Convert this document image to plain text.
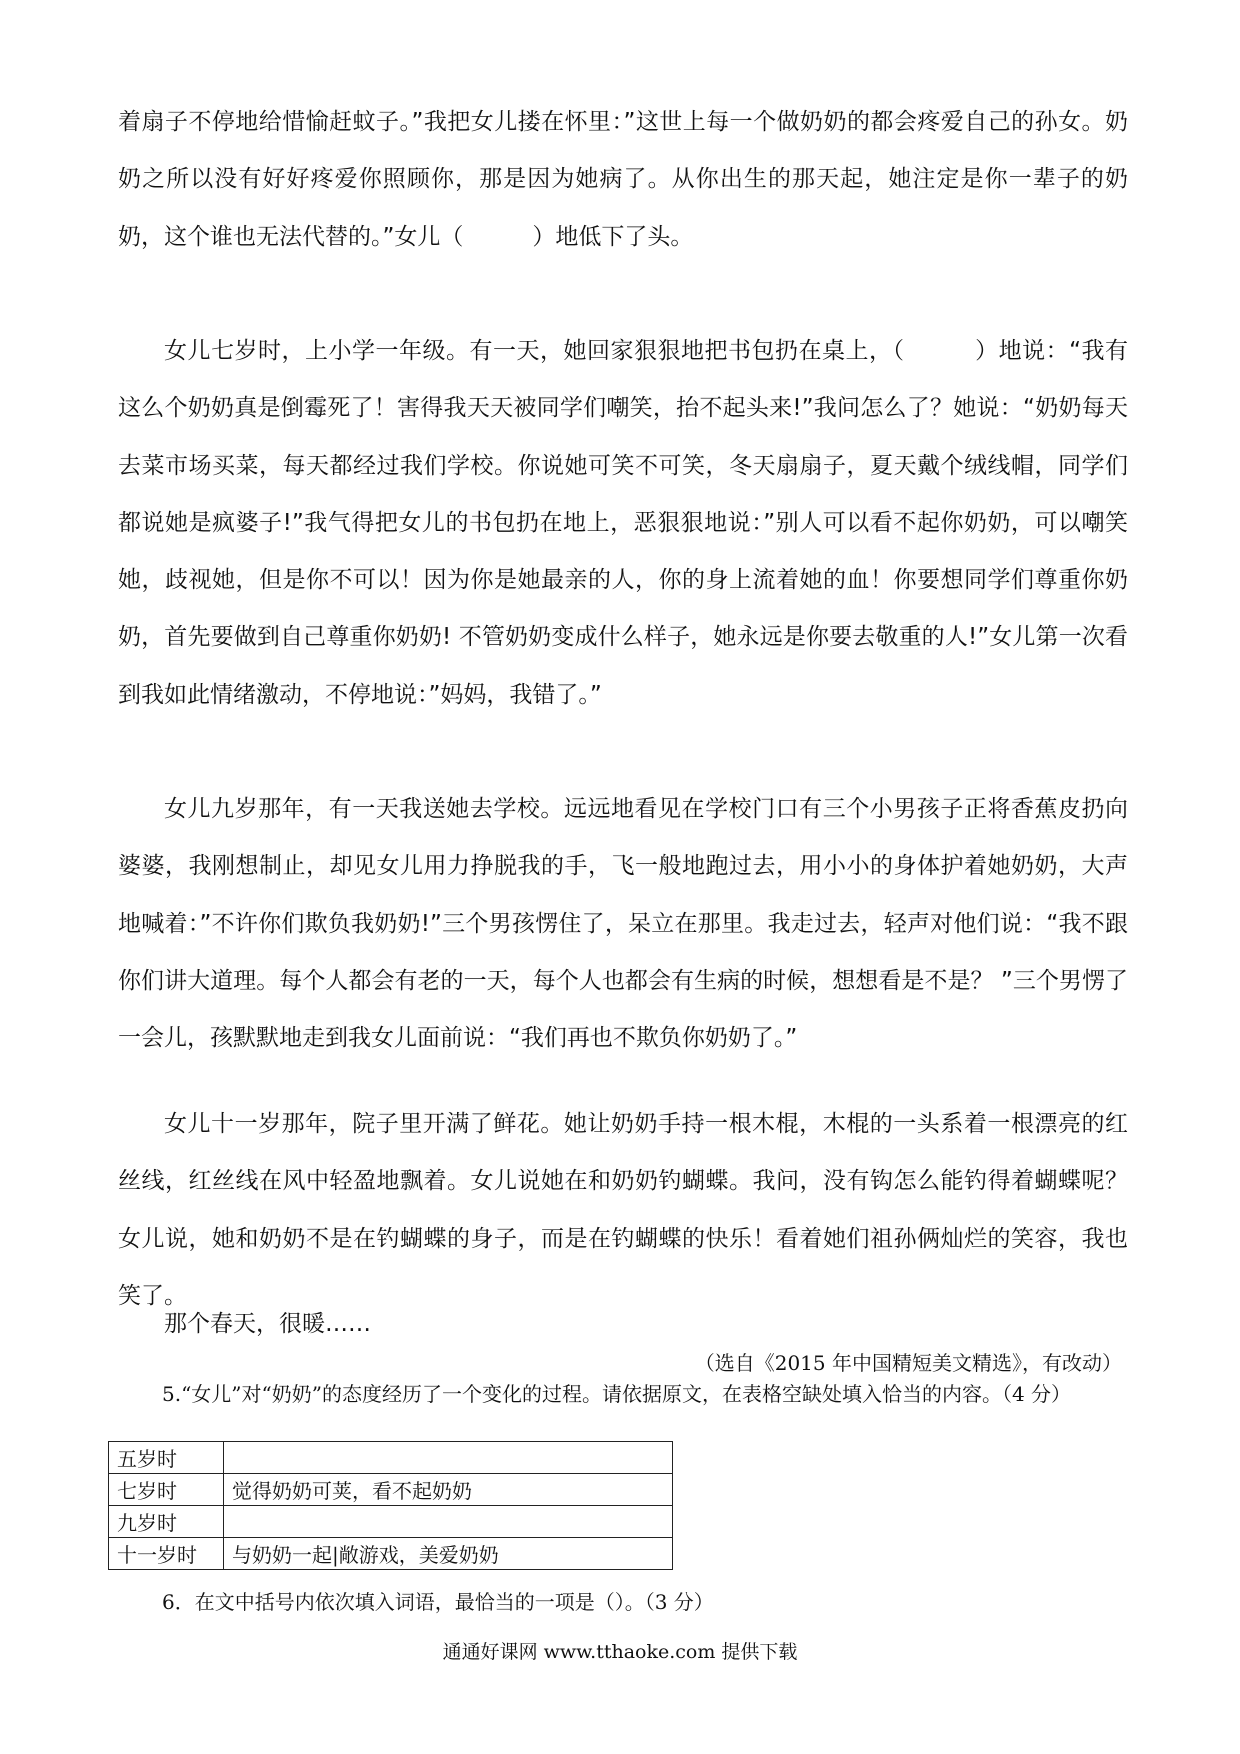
着扇子不停地给惜愉赶蚊子。”我把女儿搂在怀里：”这世上每一个做奶奶的都会疼爱自己的孙女。奶奶之所以没有好好疼爱你照顾你，那是因为她病了。从你出生的那天起，她注定是你一辈子的奶奶，这个谁也无法代替的。”女儿（　　　）地低下了头。

女儿七岁时，上小学一年级。有一天，她回家狠狠地把书包扔在桌上，（　　　）地说：“我有这么个奶奶真是倒霉死了！害得我天天被同学们嘲笑，抬不起头来!”我问怎么了？她说：“奶奶每天去菜市场买菜，每天都经过我们学校。你说她可笑不可笑，冬天扇扇子，夏天戴个绒线帽，同学们都说她是疯婆子!”我气得把女儿的书包扔在地上，恶狠狠地说：”别人可以看不起你奶奶，可以嘲笑她，歧视她，但是你不可以！因为你是她最亲的人，你的身上流着她的血！你要想同学们尊重你奶奶，首先要做到自己尊重你奶奶! 不管奶奶变成什么样子，她永远是你要去敬重的人!”女儿第一次看到我如此情绪激动，不停地说：”妈妈，我错了。”

女儿九岁那年，有一天我送她去学校。远远地看见在学校门口有三个小男孩子正将香蕉皮扔向婆婆，我刚想制止，却见女儿用力挣脱我的手，飞一般地跑过去，用小小的身体护着她奶奶，大声地喊着：”不许你们欺负我奶奶!”三个男孩愣住了，呆立在那里。我走过去，轻声对他们说：“我不跟你们讲大道理。每个人都会有老的一天，每个人也都会有生病的时候，想想看是不是？ ”三个男愣了一会儿，孩默默地走到我女儿面前说：“我们再也不欺负你奶奶了。”

女儿十一岁那年，院子里开满了鲜花。她让奶奶手持一根木棍，木棍的一头系着一根漂亮的红丝线，红丝线在风中轻盈地飘着。女儿说她在和奶奶钓蝴蝶。我问，没有钩怎么能钓得着蝴蝶呢？女儿说，她和奶奶不是在钓蝴蝶的身子，而是在钓蝴蝶的快乐！看着她们祖孙俩灿烂的笑容，我也笑了。

那个春天，很暖……

（选自《2015 年中国精短美文精选》，有改动）

5.“女儿”对“奶奶”的态度经历了一个变化的过程。请依据原文，在表格空缺处填入恰当的内容。（4 分）

五岁时	
七岁时	觉得奶奶可荚，看不起奶奶
九岁时	
十一岁时	与奶奶一起|敞游戏，美爱奶奶

6．在文中括号内依次填入词语，最恰当的一项是（）。（3 分）

通通好课网 www.tthaoke.com 提供下载
